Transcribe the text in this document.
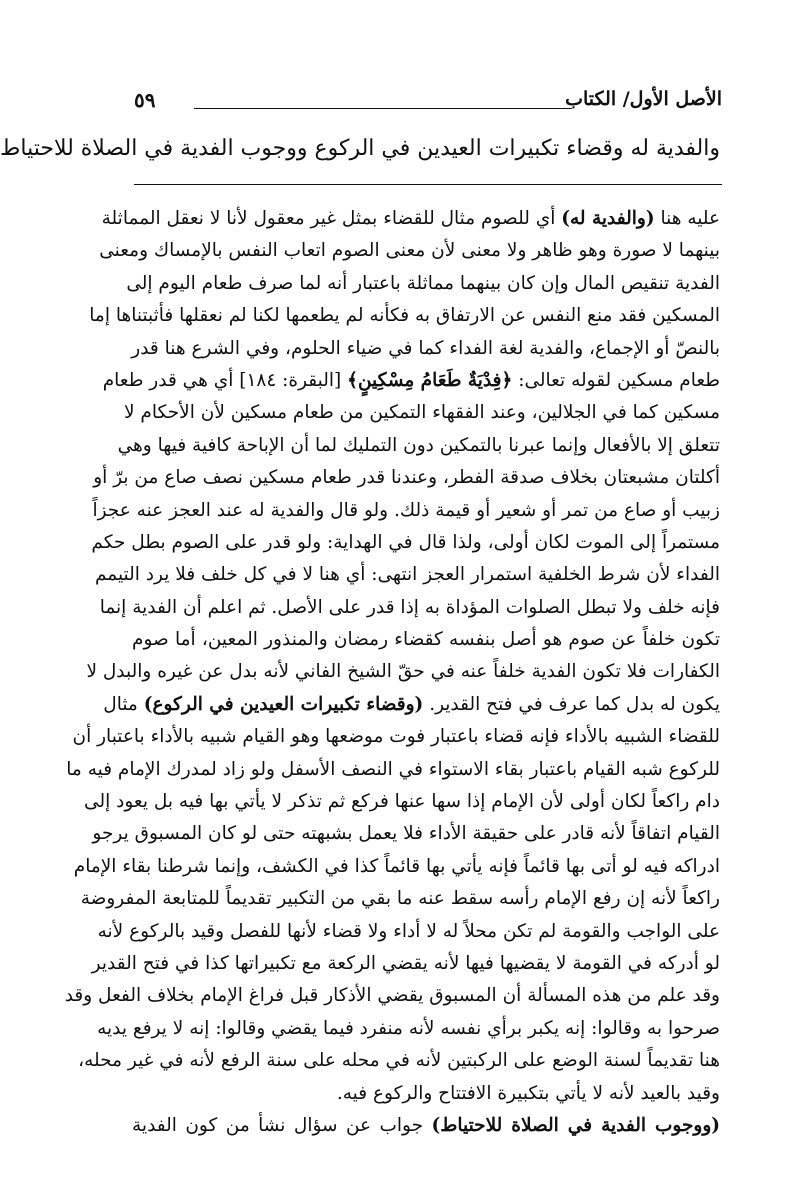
الأصل الأول/ الكتاب
٥٩
والفدية له وقضاء تكبيرات العيدين في الركوع ووجوب الفدية في الصلاة للاحتياط
عليه هنا (والفدية له) أي للصوم مثال للقضاء بمثل غير معقول لأنا لا نعقل المماثلة
بينهما لا صورة وهو ظاهر ولا معنى لأن معنى الصوم اتعاب النفس بالإمساك ومعنى
الفدية تنقيص المال وإن كان بينهما مماثلة باعتبار أنه لما صرف طعام اليوم إلى
المسكين فقد منع النفس عن الارتفاق به فكأنه لم يطعمها لكنا لم نعقلها فأثبتناها إما
بالنصّ أو الإجماع، والفدية لغة الفداء كما في ضياء الحلوم، وفي الشرع هنا قدر
طعام مسكين لقوله تعالى: ﴿فِدْيَةٌ طَعَامُ مِسْكِينٍ﴾ [البقرة: ١٨٤] أي هي قدر طعام
مسكين كما في الجلالين، وعند الفقهاء التمكين من طعام مسكين لأن الأحكام لا
تتعلق إلا بالأفعال وإنما عبرنا بالتمكين دون التمليك لما أن الإباحة كافية فيها وهي
أكلتان مشبعتان بخلاف صدقة الفطر، وعندنا قدر طعام مسكين نصف صاع من برّ أو
زبيب أو صاع من تمر أو شعير أو قيمة ذلك. ولو قال والفدية له عند العجز عنه عجزاً
مستمراً إلى الموت لكان أولى، ولذا قال في الهداية: ولو قدر على الصوم بطل حكم
الفداء لأن شرط الخلفية استمرار العجز انتهى: أي هنا لا في كل خلف فلا يرد التيمم
فإنه خلف ولا تبطل الصلوات المؤداة به إذا قدر على الأصل. ثم اعلم أن الفدية إنما
تكون خلفاً عن صوم هو أصل بنفسه كقضاء رمضان والمنذور المعين، أما صوم
الكفارات فلا تكون الفدية خلفاً عنه في حقّ الشيخ الفاني لأنه بدل عن غيره والبدل لا
يكون له بدل كما عرف في فتح القدير. (وقضاء تكبيرات العيدين في الركوع) مثال
للقضاء الشبيه بالأداء فإنه قضاء باعتبار فوت موضعها وهو القيام شبيه بالأداء باعتبار أن
للركوع شبه القيام باعتبار بقاء الاستواء في النصف الأسفل ولو زاد لمدرك الإمام فيه ما
دام راكعاً لكان أولى لأن الإمام إذا سها عنها فركع ثم تذكر لا يأتي بها فيه بل يعود إلى
القيام اتفاقاً لأنه قادر على حقيقة الأداء فلا يعمل بشبهته حتى لو كان المسبوق يرجو
ادراكه فيه لو أتى بها قائماً فإنه يأتي بها قائماً كذا في الكشف، وإنما شرطنا بقاء الإمام
راكعاً لأنه إن رفع الإمام رأسه سقط عنه ما بقي من التكبير تقديماً للمتابعة المفروضة
على الواجب والقومة لم تكن محلاً له لا أداء ولا قضاء لأنها للفصل وقيد بالركوع لأنه
لو أدركه في القومة لا يقضيها فيها لأنه يقضي الركعة مع تكبيراتها كذا في فتح القدير
وقد علم من هذه المسألة أن المسبوق يقضي الأذكار قبل فراغ الإمام بخلاف الفعل وقد
صرحوا به وقالوا: إنه يكبر برأي نفسه لأنه منفرد فيما يقضي وقالوا: إنه لا يرفع يديه
هنا تقديماً لسنة الوضع على الركبتين لأنه في محله على سنة الرفع لأنه في غير محله،
وقيد بالعيد لأنه لا يأتي بتكبيرة الافتتاح والركوع فيه.
(ووجوب الفدية في الصلاة للاحتياط) جواب عن سؤال نشأ من كون الفدية
